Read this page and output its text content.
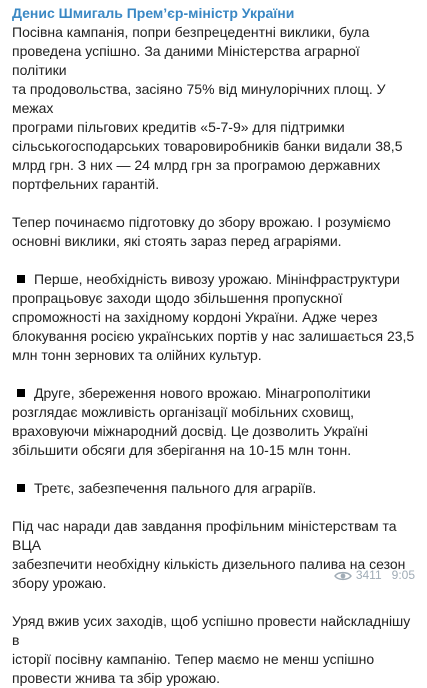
Денис Шмигаль Прем’єр-міністр України

Посівна кампанія, попри безпрецедентні виклики, була
проведена успішно. За даними Міністерства аграрної політики
та продовольства, засіяно 75% від минулорічних площ. У межах
програми пільгових кредитів «5-7-9» для підтримки
сільськогосподарських товаровиробників банки видали 38,5
млрд грн. З них — 24 млрд грн за програмою державних
портфельних гарантій.

Тепер починаємо підготовку до збору врожаю. І розуміємо
основні виклики, які стоять зараз перед аграріями.

Перше, необхідність вивозу урожаю. Мінінфраструктури
пропрацьовує заходи щодо збільшення пропускної
спроможності на західному кордоні України. Адже через
блокування росією українських портів у нас залишається 23,5
млн тонн зернових та олійних культур.

Друге, збереження нового врожаю. Мінагрополітики
розглядає можливість організації мобільних сховищ,
враховуючи міжнародний досвід. Це дозволить Україні
збільшити обсяги для зберігання на 10-15 млн тонн.

Третє, забезпечення пального для аграріїв.

Під час наради дав завдання профільним міністерствам та ВЦА
забезпечити необхідну кількість дизельного палива на сезон
збору урожаю.

Уряд вжив усих заходів, щоб успішно провести найскладнішу в
історії посівну кампанію. Тепер маємо не менш успішно
провести жнива та збір урожаю.

3411 9:05
